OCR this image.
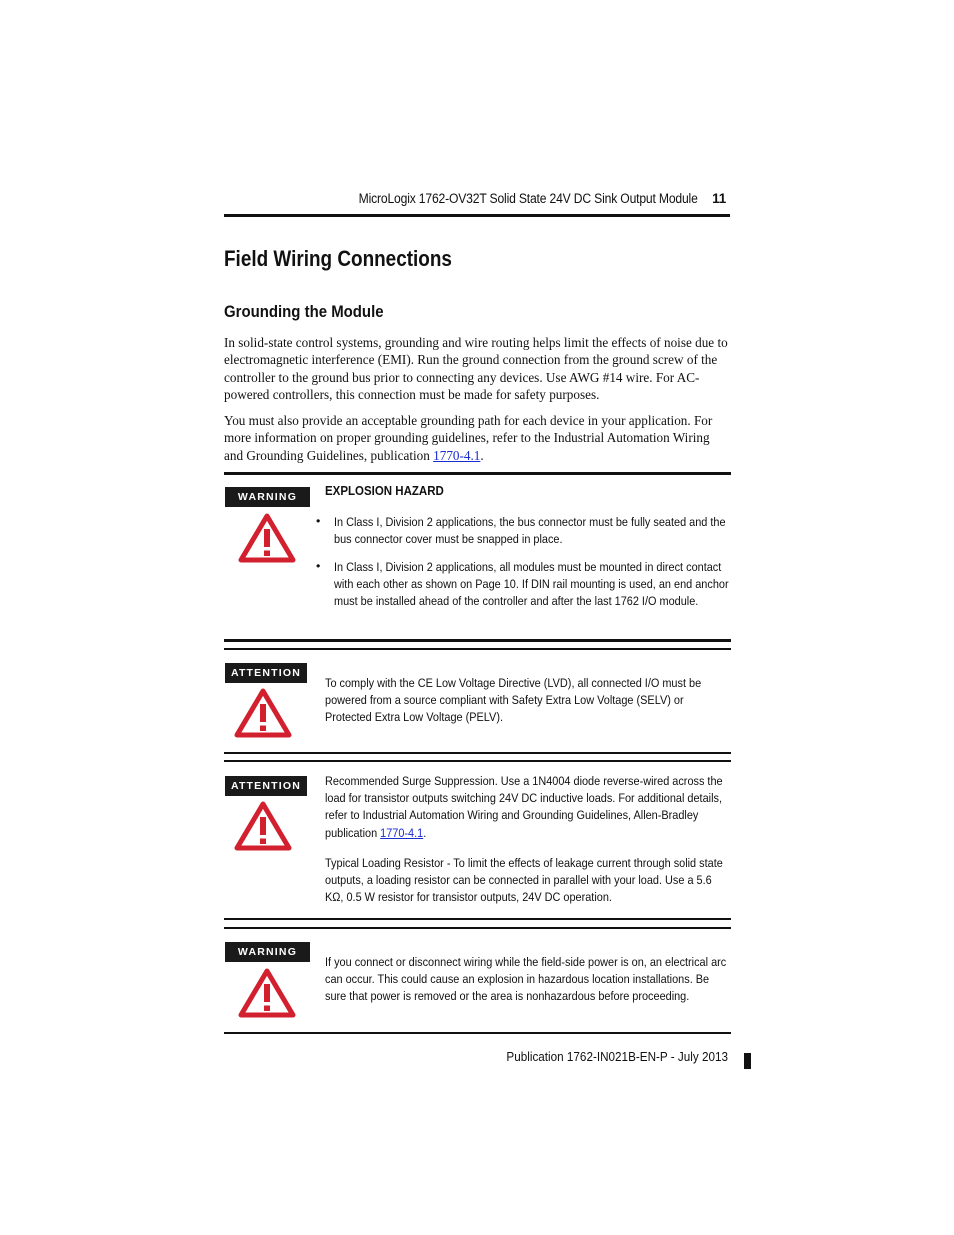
MicroLogix 1762-OV32T Solid State 24V DC Sink Output Module 11
Field Wiring Connections
Grounding the Module
In solid-state control systems, grounding and wire routing helps limit the effects of noise due to electromagnetic interference (EMI). Run the ground connection from the ground screw of the controller to the ground bus prior to connecting any devices. Use AWG #14 wire. For AC-powered controllers, this connection must be made for safety purposes.
You must also provide an acceptable grounding path for each device in your application. For more information on proper grounding guidelines, refer to the Industrial Automation Wiring and Grounding Guidelines, publication 1770-4.1.
WARNING	EXPLOSION HAZARD
• In Class I, Division 2 applications, the bus connector must be fully seated and the bus connector cover must be snapped in place.
• In Class I, Division 2 applications, all modules must be mounted in direct contact with each other as shown on Page 10. If DIN rail mounting is used, an end anchor must be installed ahead of the controller and after the last 1762 I/O module.
ATTENTION
To comply with the CE Low Voltage Directive (LVD), all connected I/O must be powered from a source compliant with Safety Extra Low Voltage (SELV) or Protected Extra Low Voltage (PELV).
ATTENTION	Recommended Surge Suppression. Use a 1N4004 diode reverse-wired across the load for transistor outputs switching 24V DC inductive loads. For additional details, refer to Industrial Automation Wiring and Grounding Guidelines, Allen-Bradley publication 1770-4.1.
Typical Loading Resistor - To limit the effects of leakage current through solid state outputs, a loading resistor can be connected in parallel with your load. Use a 5.6 KΩ, 0.5 W resistor for transistor outputs, 24V DC operation.
WARNING
If you connect or disconnect wiring while the field-side power is on, an electrical arc can occur. This could cause an explosion in hazardous location installations. Be sure that power is removed or the area is nonhazardous before proceeding.
Publication 1762-IN021B-EN-P - July 2013
